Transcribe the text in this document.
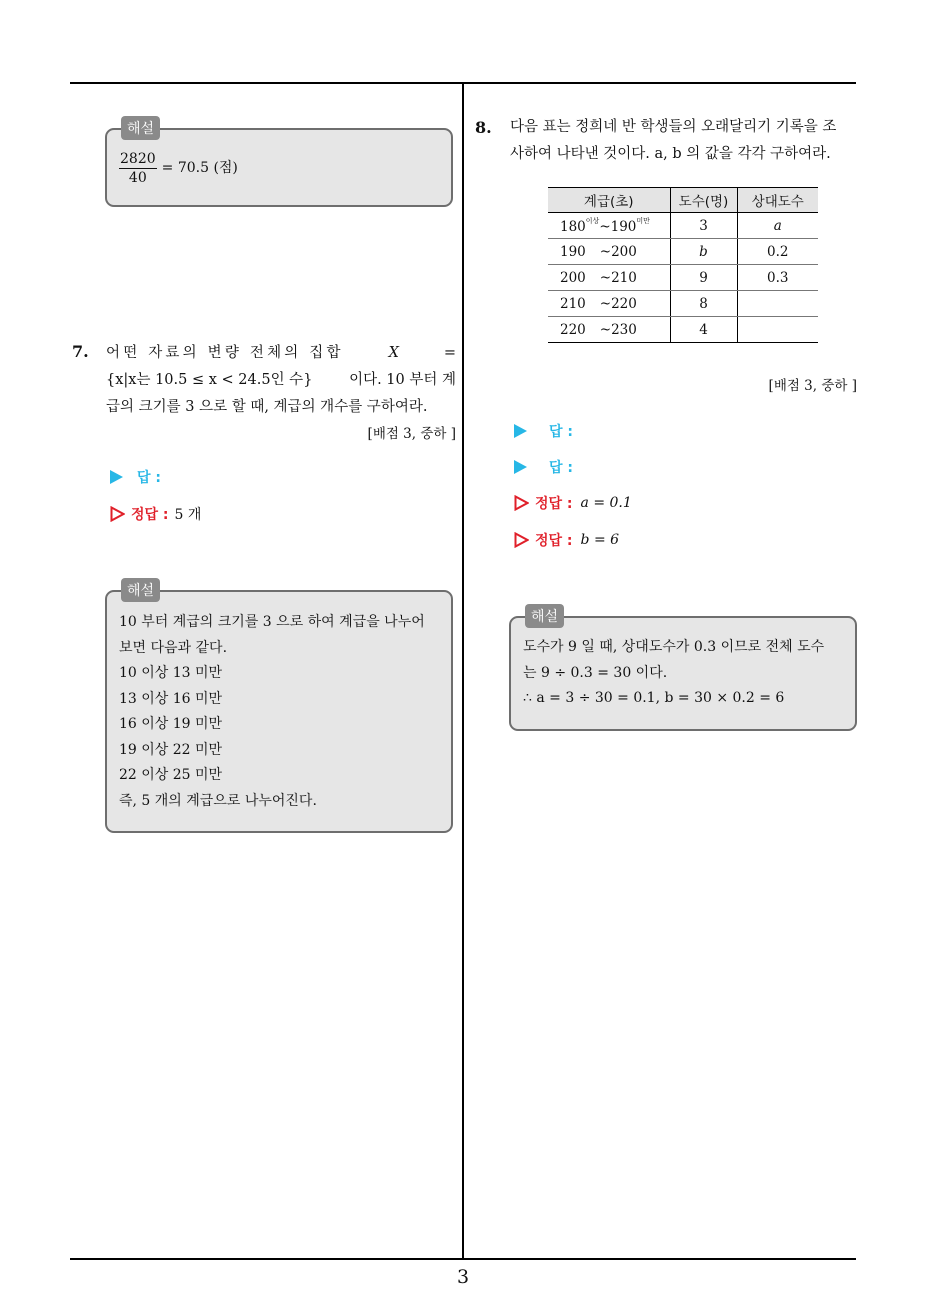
3
해설
$\frac{2820}{40} = 70.5$ (점)
7. 어떤 자료의 변량 전체의 집합	X	=
{x|x는 10.5 ≤ x < 24.5인 수}	이다. 10 부터 계
급의 크기를 3 으로 할 때, 계급의 개수를 구하여라.
[배점 3, 중하 ]
답 :
정답 : 5 개
해설
10 부터 계급의 크기를 3 으로 하여 계급을 나누어
보면 다음과 같다.
10 이상 13 미만
13 이상 16 미만
16 이상 19 미만
19 이상 22 미만
22 이상 25 미만
즉, 5 개의 계급으로 나누어진다.
8. 다음 표는 정희네 반 학생들의 오래달리기 기록을 조
사하여 나타낸 것이다. a, b 의 값을 각각 구하여라.
계급(초)	도수(명)	상대도수
$180^{이상}\sim 190^{미만}$	3	a
190 ~200	b	0.2
200 ~210	9	0.3
210 ~220	8	
220 ~230	4	
[배점 3, 중하 ]
답 :
답 :
정답 : a = 0.1
정답 : b = 6
해설
도수가 9 일 때, 상대도수가 0.3 이므로 전체 도수
는 9 ÷ 0.3 = 30 이다.
∴ a = 3 ÷ 30 = 0.1, b = 30 × 0.2 = 6
